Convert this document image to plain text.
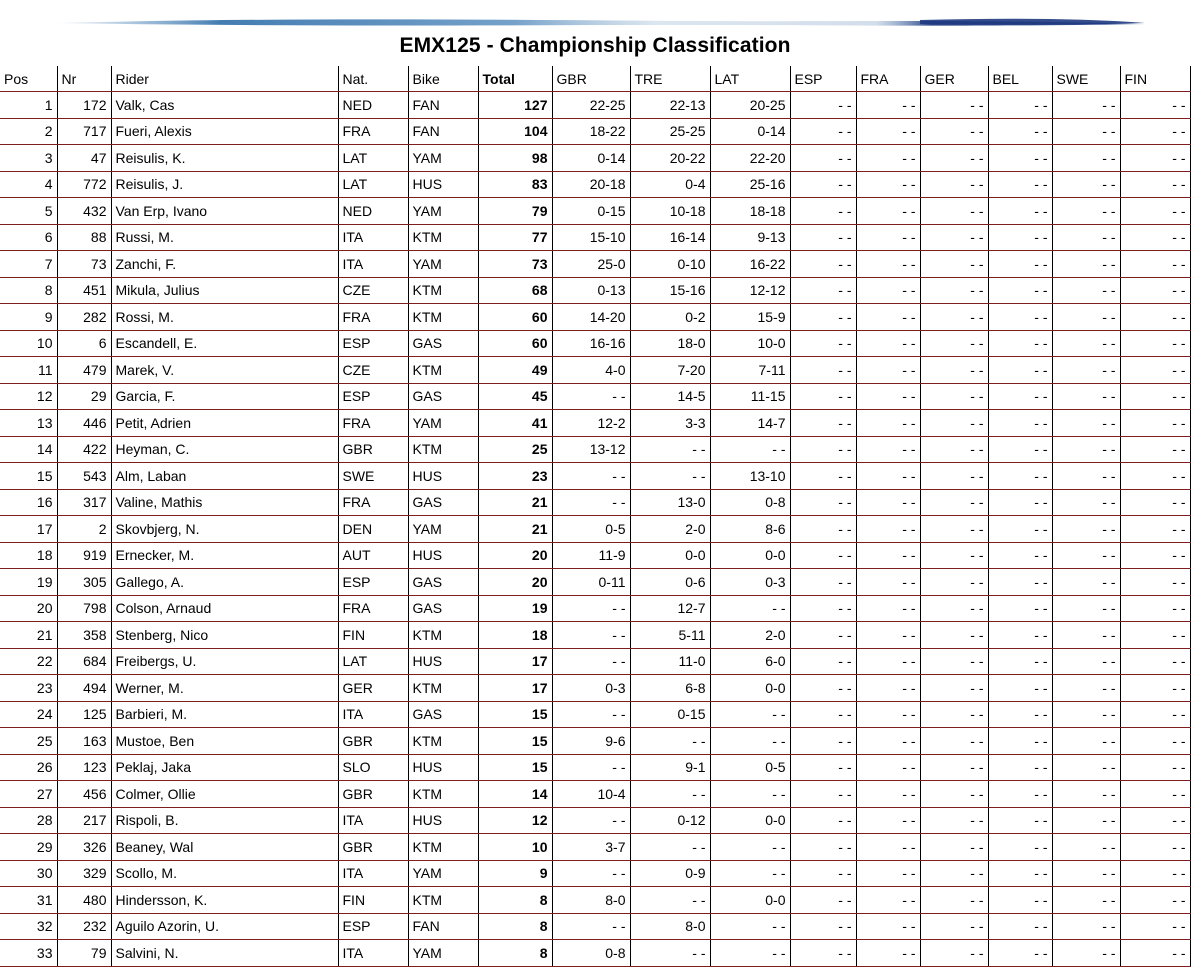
EMX125 - Championship Classification
Pos	Nr	Rider	Nat.	Bike	Total	GBR	TRE	LAT	ESP	FRA	GER	BEL	SWE	FIN
1	172	Valk, Cas	NED	FAN	127	22-25	22-13	20-25	- -	- -	- -	- -	- -	- -
2	717	Fueri, Alexis	FRA	FAN	104	18-22	25-25	0-14	- -	- -	- -	- -	- -	- -
3	47	Reisulis, K.	LAT	YAM	98	0-14	20-22	22-20	- -	- -	- -	- -	- -	- -
4	772	Reisulis, J.	LAT	HUS	83	20-18	0-4	25-16	- -	- -	- -	- -	- -	- -
5	432	Van Erp, Ivano	NED	YAM	79	0-15	10-18	18-18	- -	- -	- -	- -	- -	- -
6	88	Russi, M.	ITA	KTM	77	15-10	16-14	9-13	- -	- -	- -	- -	- -	- -
7	73	Zanchi, F.	ITA	YAM	73	25-0	0-10	16-22	- -	- -	- -	- -	- -	- -
8	451	Mikula, Julius	CZE	KTM	68	0-13	15-16	12-12	- -	- -	- -	- -	- -	- -
9	282	Rossi, M.	FRA	KTM	60	14-20	0-2	15-9	- -	- -	- -	- -	- -	- -
10	6	Escandell, E.	ESP	GAS	60	16-16	18-0	10-0	- -	- -	- -	- -	- -	- -
11	479	Marek, V.	CZE	KTM	49	4-0	7-20	7-11	- -	- -	- -	- -	- -	- -
12	29	Garcia, F.	ESP	GAS	45	- -	14-5	11-15	- -	- -	- -	- -	- -	- -
13	446	Petit, Adrien	FRA	YAM	41	12-2	3-3	14-7	- -	- -	- -	- -	- -	- -
14	422	Heyman, C.	GBR	KTM	25	13-12	- -	- -	- -	- -	- -	- -	- -	- -
15	543	Alm, Laban	SWE	HUS	23	- -	- -	13-10	- -	- -	- -	- -	- -	- -
16	317	Valine, Mathis	FRA	GAS	21	- -	13-0	0-8	- -	- -	- -	- -	- -	- -
17	2	Skovbjerg, N.	DEN	YAM	21	0-5	2-0	8-6	- -	- -	- -	- -	- -	- -
18	919	Ernecker, M.	AUT	HUS	20	11-9	0-0	0-0	- -	- -	- -	- -	- -	- -
19	305	Gallego, A.	ESP	GAS	20	0-11	0-6	0-3	- -	- -	- -	- -	- -	- -
20	798	Colson, Arnaud	FRA	GAS	19	- -	12-7	- -	- -	- -	- -	- -	- -	- -
21	358	Stenberg, Nico	FIN	KTM	18	- -	5-11	2-0	- -	- -	- -	- -	- -	- -
22	684	Freibergs, U.	LAT	HUS	17	- -	11-0	6-0	- -	- -	- -	- -	- -	- -
23	494	Werner, M.	GER	KTM	17	0-3	6-8	0-0	- -	- -	- -	- -	- -	- -
24	125	Barbieri, M.	ITA	GAS	15	- -	0-15	- -	- -	- -	- -	- -	- -	- -
25	163	Mustoe, Ben	GBR	KTM	15	9-6	- -	- -	- -	- -	- -	- -	- -	- -
26	123	Peklaj, Jaka	SLO	HUS	15	- -	9-1	0-5	- -	- -	- -	- -	- -	- -
27	456	Colmer, Ollie	GBR	KTM	14	10-4	- -	- -	- -	- -	- -	- -	- -	- -
28	217	Rispoli, B.	ITA	HUS	12	- -	0-12	0-0	- -	- -	- -	- -	- -	- -
29	326	Beaney, Wal	GBR	KTM	10	3-7	- -	- -	- -	- -	- -	- -	- -	- -
30	329	Scollo, M.	ITA	YAM	9	- -	0-9	- -	- -	- -	- -	- -	- -	- -
31	480	Hindersson, K.	FIN	KTM	8	8-0	- -	0-0	- -	- -	- -	- -	- -	- -
32	232	Aguilo Azorin, U.	ESP	FAN	8	- -	8-0	- -	- -	- -	- -	- -	- -	- -
33	79	Salvini, N.	ITA	YAM	8	0-8	- -	- -	- -	- -	- -	- -	- -	- -
